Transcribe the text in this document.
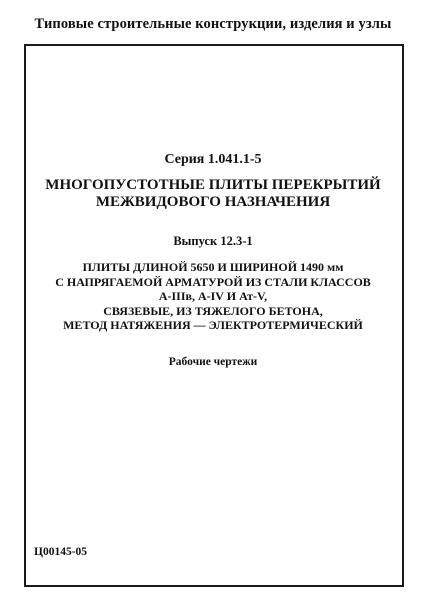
Типовые строительные конструкции, изделия и узлы
Серия 1.041.1-5
МНОГОПУСТОТНЫЕ ПЛИТЫ ПЕРЕКРЫТИЙ
МЕЖВИДОВОГО НАЗНАЧЕНИЯ
Выпуск 12.3-1
ПЛИТЫ ДЛИНОЙ 5650 И ШИРИНОЙ 1490 мм
С НАПРЯГАЕМОЙ АРМАТУРОЙ ИЗ СТАЛИ КЛАССОВ
А-IIIв, А-IV И Ат-V,
СВЯЗЕВЫЕ, ИЗ ТЯЖЕЛОГО БЕТОНА,
МЕТОД НАТЯЖЕНИЯ — ЭЛЕКТРОТЕРМИЧЕСКИЙ
Рабочие чертежи
Ц00145-05
